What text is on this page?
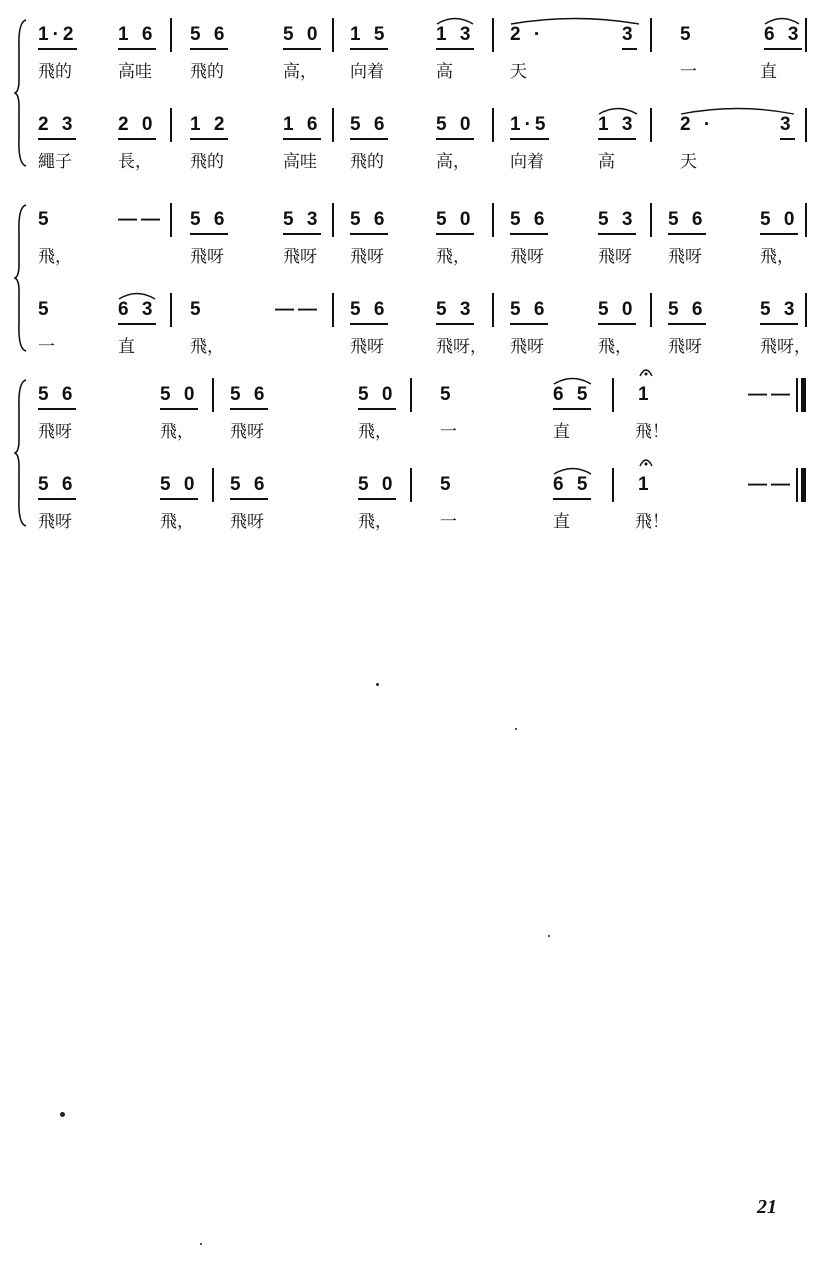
1·2 1 6 5 6	5 0 1 5	1 3 2 ·	3 5	6 3
飛的	高哇 飛的	高， 向着	高	天	一	直
2 3 2 0 1 2	1 6 5 6	5 0 1·5	1 3 2 ·	3
繩子	長， 飛的	高哇 飛的	高， 向着	高	天
5	—— 5 6	5 3 5 6	5 0 5 6	5 3 5 6	5 0
飛，	飛呀	飛呀 飛呀	飛， 飛呀	飛呀 飛呀	飛，
5	6 3 5	—— 5 6	5 3 5 6	5 0 5 6	5 3
一	直	飛，	飛呀	飛呀， 飛呀	飛， 飛呀	飛呀，
5 6	5 0 5 6	5 0 5	6 5 1	——
飛呀	飛， 飛呀	飛，	一	直	飛！
5 6	5 0 5 6	5 0 5	6 5 1	——
飛呀	飛， 飛呀	飛，	一	直	飛！
21
